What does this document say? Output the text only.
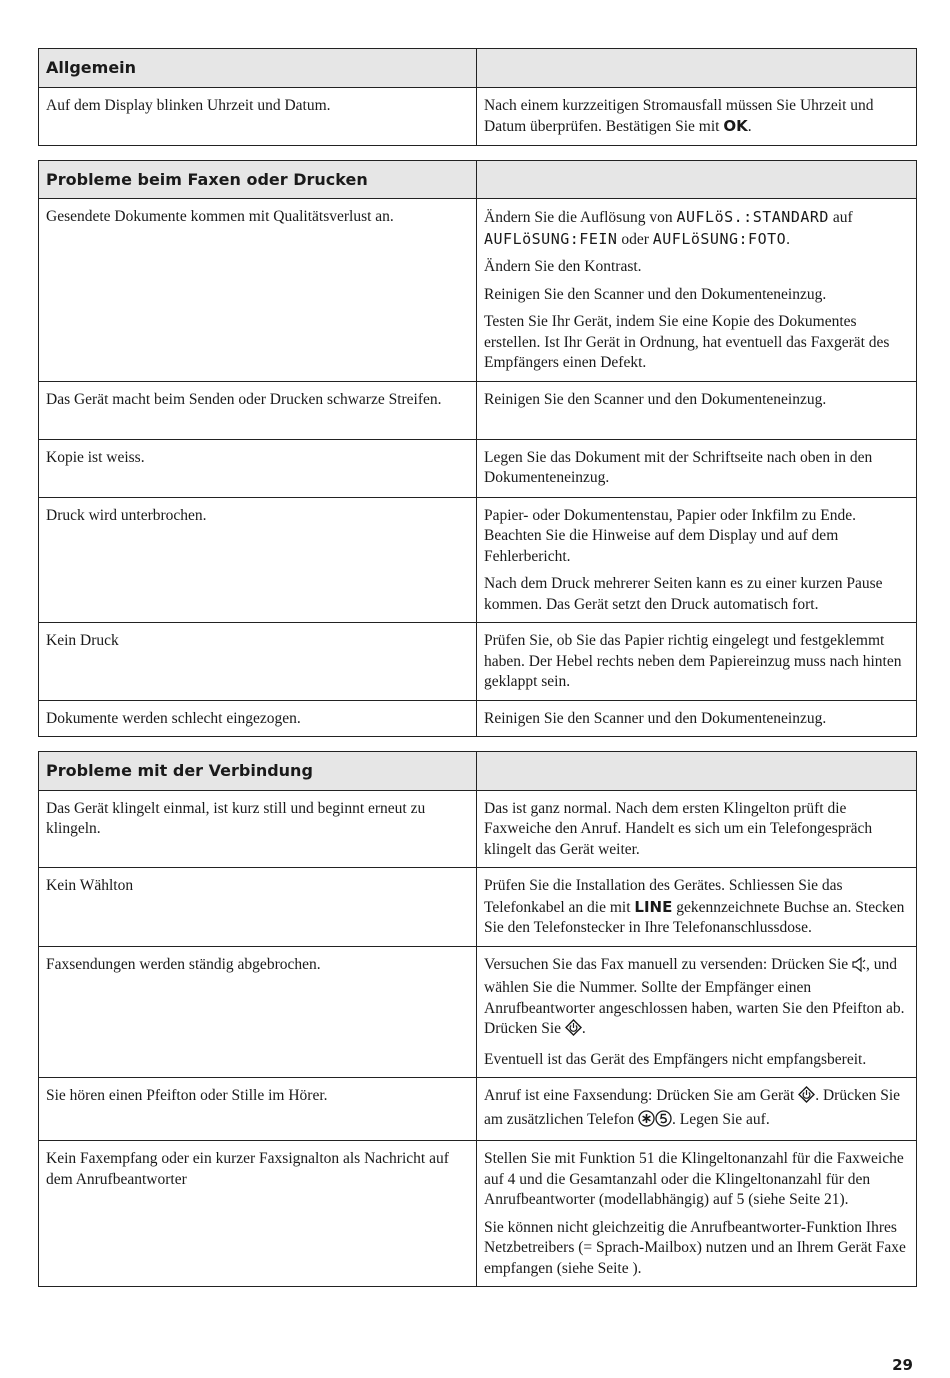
Allgemein	
Auf dem Display blinken Uhrzeit und Datum.	Nach einem kurzzeitigen Stromausfall müssen Sie Uhrzeit und Datum überprüfen. Bestätigen Sie mit OK.
Probleme beim Faxen oder Drucken	
Gesendete Dokumente kommen mit Qualitätsverlust an.	Ändern Sie die Auflösung von AUFLöS.:STANDARD auf AUFLöSUNG:FEIN oder AUFLöSUNG:FOTO.

Ändern Sie den Kontrast.

Reinigen Sie den Scanner und den Dokumenteneinzug.

Testen Sie Ihr Gerät, indem Sie eine Kopie des Dokumentes erstellen. Ist Ihr Gerät in Ordnung, hat eventuell das Faxgerät des Empfängers einen Defekt.

Das Gerät macht beim Senden oder Drucken schwarze Streifen.	Reinigen Sie den Scanner und den Dokumenteneinzug.
Kopie ist weiss.	Legen Sie das Dokument mit der Schriftseite nach oben in den Dokumenteneinzug.
Druck wird unterbrochen.	Papier- oder Dokumentenstau, Papier oder Inkfilm zu Ende. Beachten Sie die Hinweise auf dem Display und auf dem Fehlerbericht.

Nach dem Druck mehrerer Seiten kann es zu einer kurzen Pause kommen. Das Gerät setzt den Druck automatisch fort.

Kein Druck	Prüfen Sie, ob Sie das Papier richtig eingelegt und festgeklemmt haben. Der Hebel rechts neben dem Papiereinzug muss nach hinten geklappt sein.
Dokumente werden schlecht eingezogen.	Reinigen Sie den Scanner und den Dokumenteneinzug.
Probleme mit der Verbindung	
Das Gerät klingelt einmal, ist kurz still und beginnt erneut zu klingeln.	Das ist ganz normal. Nach dem ersten Klingelton prüft die Faxweiche den Anruf. Handelt es sich um ein Telefongespräch klingelt das Gerät weiter.
Kein Wählton	Prüfen Sie die Installation des Gerätes. Schliessen Sie das Telefonkabel an die mit LINE gekennzeichnete Buchse an. Stecken Sie den Telefonstecker in Ihre Telefonanschlussdose.
Faxsendungen werden ständig abgebrochen.	Versuchen Sie das Fax manuell zu versenden: Drücken Sie , und wählen Sie die Nummer. Sollte der Empfänger einen Anrufbeantworter angeschlossen haben, warten Sie den Pfeifton ab. Drücken Sie .

Eventuell ist das Gerät des Empfängers nicht empfangsbereit.

Sie hören einen Pfeifton oder Stille im Hörer.	Anruf ist eine Faxsendung: Drücken Sie am Gerät . Drücken Sie am zusätzlichen Telefon . Legen Sie auf.
Kein Faxempfang oder ein kurzer Faxsignalton als Nachricht auf dem Anrufbeantworter	Stellen Sie mit Funktion 51 die Klingeltonanzahl für die Faxweiche auf 4 und die Gesamtanzahl oder die Klingeltonanzahl für den Anrufbeantworter (modellabhängig) auf 5 (siehe Seite 21).

Sie können nicht gleichzeitig die Anrufbeantworter-Funktion Ihres Netzbetreibers (= Sprach-Mailbox) nutzen und an Ihrem Gerät Faxe empfangen (siehe Seite ).

29
